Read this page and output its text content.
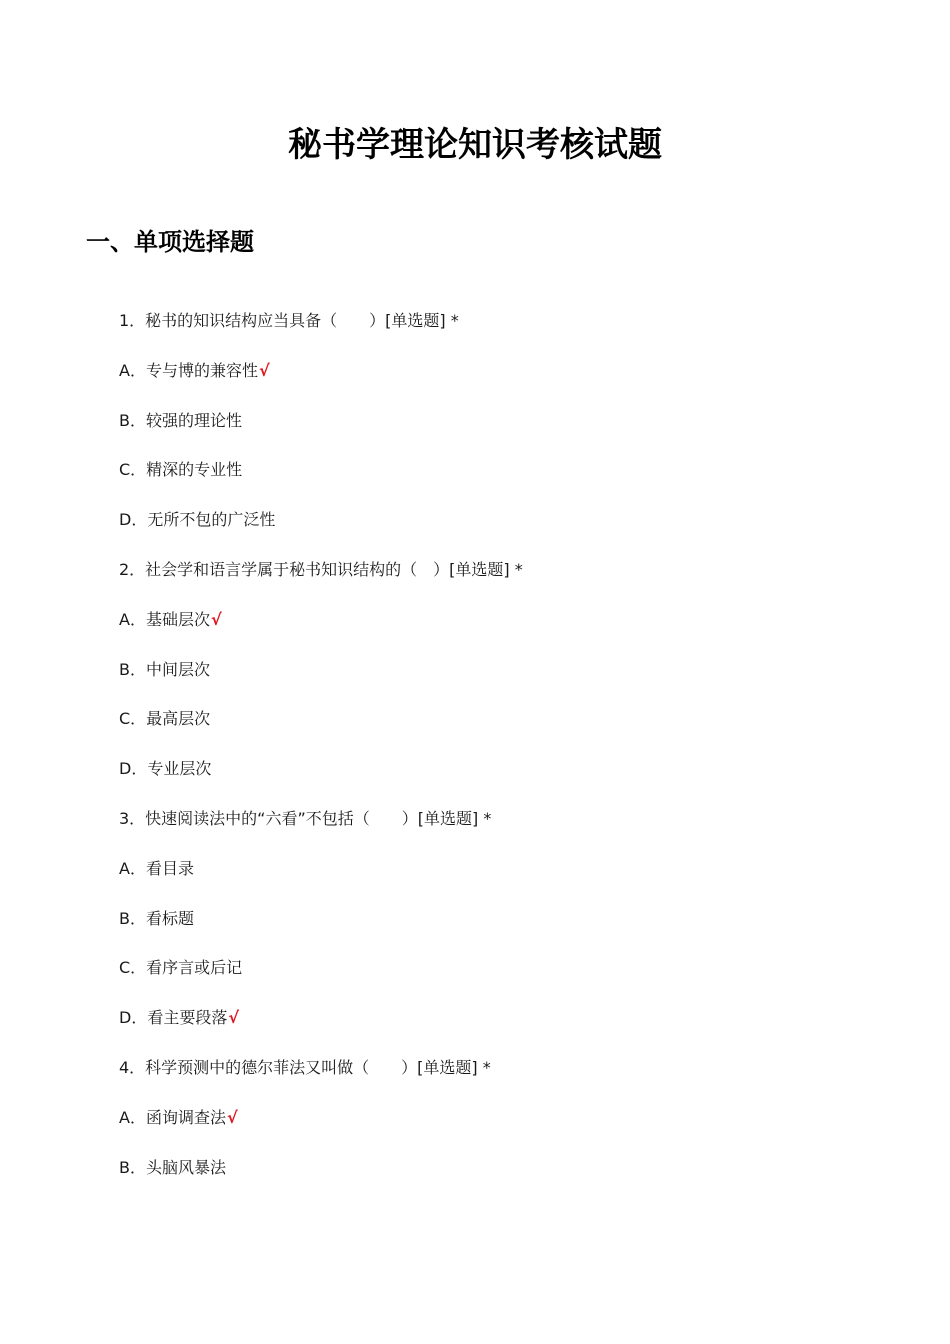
秘书学理论知识考核试题
一、单项选择题
1．秘书的知识结构应当具备（　　）[单选题] *
A．专与博的兼容性√
B．较强的理论性
C．精深的专业性
D．无所不包的广泛性
2．社会学和语言学属于秘书知识结构的（　）[单选题] *
A．基础层次√
B．中间层次
C．最高层次
D．专业层次
3．快速阅读法中的“六看”不包括（　　）[单选题] *
A．看目录
B．看标题
C．看序言或后记
D．看主要段落√
4．科学预测中的德尔菲法又叫做（　　）[单选题] *
A．函询调查法√
B．头脑风暴法
